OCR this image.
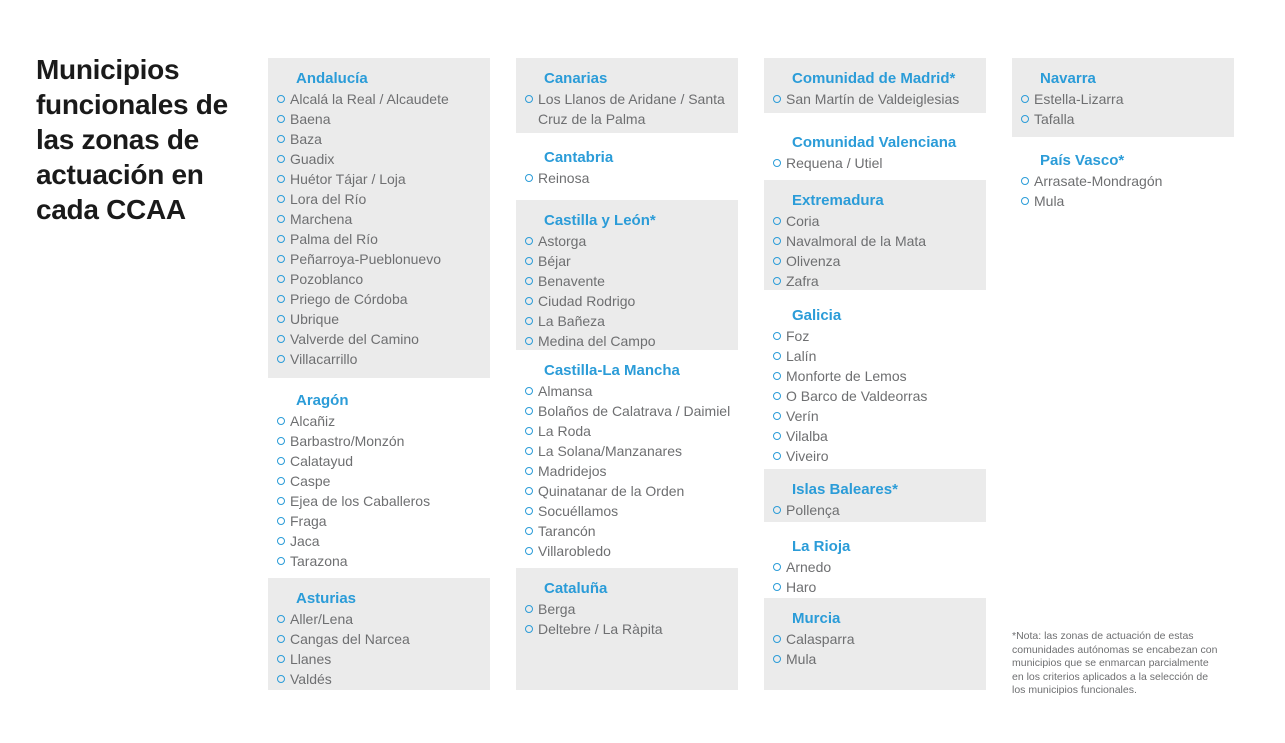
Municipios
funcionales de
las zonas de
actuación en
cada CCAA
Andalucía
Alcalá la Real / Alcaudete
Baena
Baza
Guadix
Huétor Tájar / Loja
Lora del Río
Marchena
Palma del Río
Peñarroya-Pueblonuevo
Pozoblanco
Priego de Córdoba
Ubrique
Valverde del Camino
Villacarrillo
Aragón
Alcañiz
Barbastro/Monzón
Calatayud
Caspe
Ejea de los Caballeros
Fraga
Jaca
Tarazona
Asturias
Aller/Lena
Cangas del Narcea
Llanes
Valdés
Canarias
Los Llanos de Aridane / Santa Cruz de la Palma
Cantabria
Reinosa
Castilla y León*
Astorga
Béjar
Benavente
Ciudad Rodrigo
La Bañeza
Medina del Campo
Castilla-La Mancha
Almansa
Bolaños de Calatrava / Daimiel
La Roda
La Solana/Manzanares
Madridejos
Quinatanar de la Orden
Socuéllamos
Tarancón
Villarobledo
Cataluña
Berga
Deltebre / La Ràpita
Comunidad de Madrid*
San Martín de Valdeiglesias
Comunidad Valenciana
Requena / Utiel
Extremadura
Coria
Navalmoral de la Mata
Olivenza
Zafra
Galicia
Foz
Lalín
Monforte de Lemos
O Barco de Valdeorras
Verín
Vilalba
Viveiro
Islas Baleares*
Pollença
La Rioja
Arnedo
Haro
Murcia
Calasparra
Mula
Navarra
Estella-Lizarra
Tafalla
País Vasco*
Arrasate-Mondragón
Mula
*Nota: las zonas de actuación de estas comunidades autónomas se encabezan con municipios que se enmarcan parcialmente en los criterios aplicados a la selección de los municipios funcionales.
